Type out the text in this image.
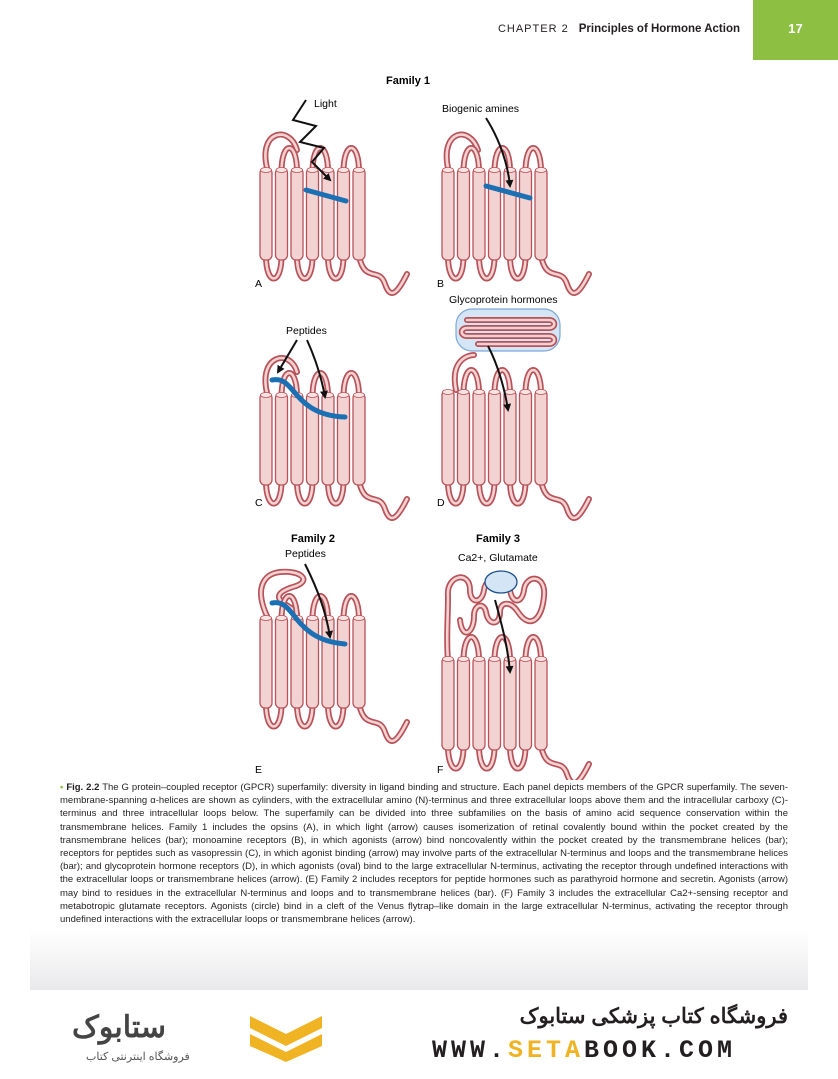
CHAPTER 2 Principles of Hormone Action	17
Family 1
Family 2	Family 3
Light
A
Biogenic amines
B
Peptides
C
Glycoprotein hormones
D
Peptides
E
Ca2+, Glutamate
F
• Fig. 2.2 The G protein–coupled receptor (GPCR) superfamily: diversity in ligand binding and structure. Each panel depicts members of the GPCR superfamily. The seven-membrane-spanning α-helices are shown as cylinders, with the extracellular amino (N)-terminus and three extracellular loops above them and the intracellular carboxy (C)-terminus and three intracellular loops below. The superfamily can be divided into three subfamilies on the basis of amino acid sequence conservation within the transmembrane helices. Family 1 includes the opsins (A), in which light (arrow) causes isomerization of retinal covalently bound within the pocket created by the transmembrane helices (bar); monoamine receptors (B), in which agonists (arrow) bind noncovalently within the pocket created by the transmembrane helices (bar); receptors for peptides such as vasopressin (C), in which agonist binding (arrow) may involve parts of the extracellular N-terminus and loops and the transmembrane helices (bar); and glycoprotein hormone receptors (D), in which agonists (oval) bind to the large extracellular N-terminus, activating the receptor through undefined interactions with the extracellular loops or transmembrane helices (arrow). (E) Family 2 includes receptors for peptide hormones such as parathyroid hormone and secretin. Agonists (arrow) may bind to residues in the extracellular N-terminus and loops and to transmembrane helices (bar). (F) Family 3 includes the extracellular Ca2+-sensing receptor and metabotropic glutamate receptors. Agonists (circle) bind in a cleft of the Venus flytrap–like domain in the large extracellular N-terminus, activating the receptor through undefined interactions with the extracellular loops or transmembrane helices (arrow).
ستابوک
فروشگاه اینترنتی کتاب
فروشگاه کتاب پزشکی ستابوک
WWW.SETABOOK.COM
